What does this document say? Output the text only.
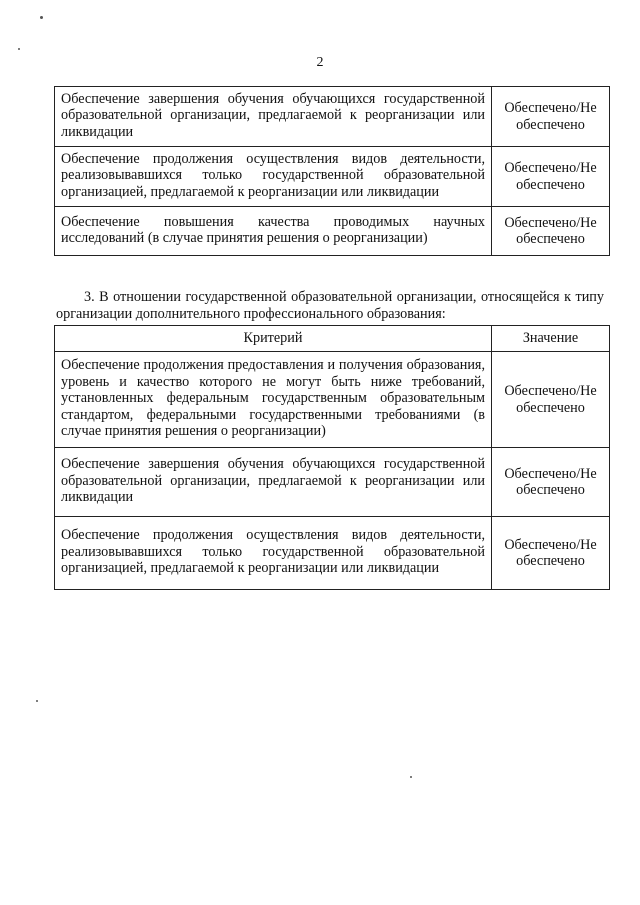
2
Обеспечение завершения обучения обучающихся государственной образовательной организации, предлагаемой к реорганизации или ликвидации	Обеспечено/Не обеспечено
Обеспечение продолжения осуществления видов деятельности, реализовывавшихся только государственной образовательной организацией, предлагаемой к реорганизации или ликвидации	Обеспечено/Не обеспечено
Обеспечение повышения качества проводимых научных исследований (в случае принятия решения о реорганизации)	Обеспечено/Не обеспечено

3. В отношении государственной образовательной организации, относящейся к типу организации дополнительного профессионального образования:

Критерий	Значение
Обеспечение продолжения предоставления и получения образования, уровень и качество которого не могут быть ниже требований, установленных федеральным государственным образовательным стандартом, федеральными государственными требованиями (в случае принятия решения о реорганизации)	Обеспечено/Не обеспечено
Обеспечение завершения обучения обучающихся государственной образовательной организации, предлагаемой к реорганизации или ликвидации	Обеспечено/Не обеспечено
Обеспечение продолжения осуществления видов деятельности, реализовывавшихся только государственной образовательной организацией, предлагаемой к реорганизации или ликвидации	Обеспечено/Не обеспечено
